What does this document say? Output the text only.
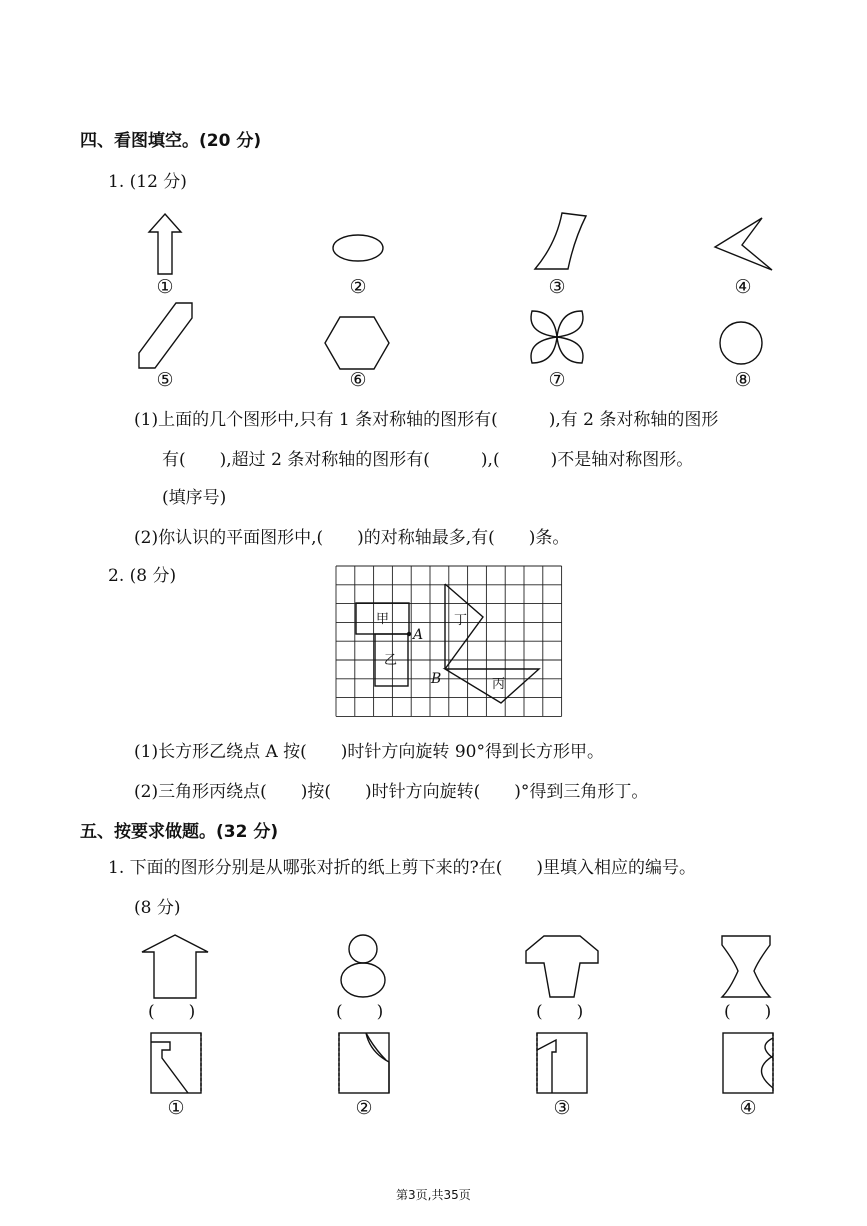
四、看图填空。(20 分)
1. (12 分)
①	②	③	④
⑤	⑥	⑦	⑧
(1)上面的几个图形中,只有 1 条对称轴的图形有(　　　),有 2 条对称轴的图形
有(　　),超过 2 条对称轴的图形有(　　　),(　　　)不是轴对称图形。
(填序号)
(2)你认识的平面图形中,(　　)的对称轴最多,有(　　)条。
2. (8 分)
甲
乙
丁
丙
A
B
(1)长方形乙绕点 A 按(　　)时针方向旋转 90°得到长方形甲。
(2)三角形丙绕点(　　)按(　　)时针方向旋转(　　)°得到三角形丁。
五、按要求做题。(32 分)
1. 下面的图形分别是从哪张对折的纸上剪下来的?在(　　)里填入相应的编号。
(8 分)
(　　)	(　　)	(　　)	(　　)
①	②	③	④
第3页,共35页
